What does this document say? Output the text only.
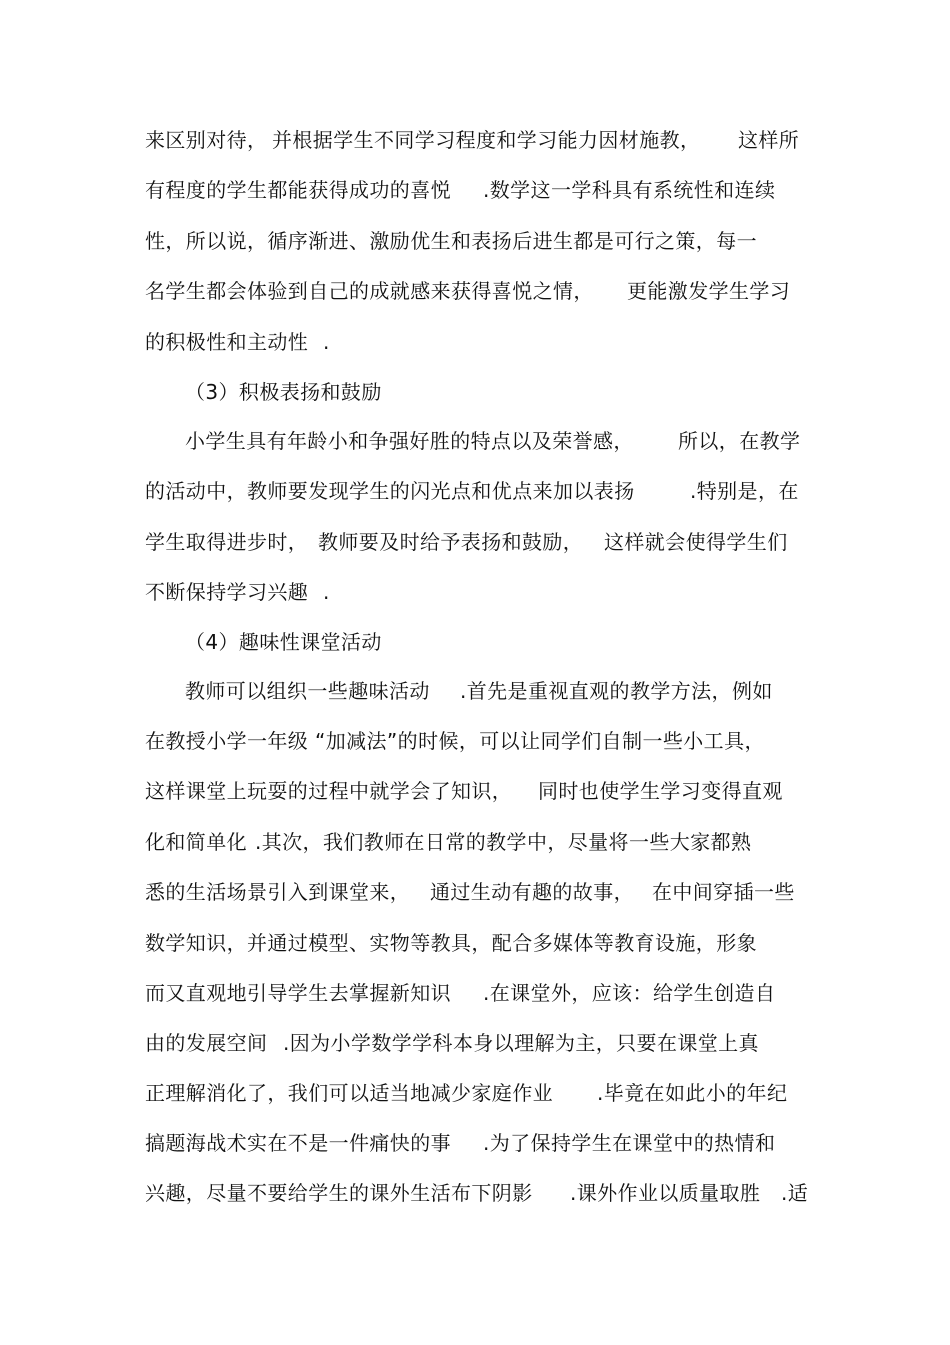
来区别对待， 并根据学生不同学习程度和学习能力因材施教， 这样所
有程度的学生都能获得成功的喜悦 .数学这一学科具有系统性和连续
性，所以说，循序渐进、激励优生和表扬后进生都是可行之策，每一
名学生都会体验到自己的成就感来获得喜悦之情， 更能激发学生学习
的积极性和主动性 .
（3）积极表扬和鼓励
小学生具有年龄小和争强好胜的特点以及荣誉感， 所以，在教学
的活动中，教师要发现学生的闪光点和优点来加以表扬	.特别是，在
学生取得进步时， 教师要及时给予表扬和鼓励， 这样就会使得学生们
不断保持学习兴趣 .
（4）趣味性课堂活动
教师可以组织一些趣味活动 .首先是重视直观的教学方法，例如
在教授小学一年级 “加减法”的时候，可以让同学们自制一些小工具，
这样课堂上玩耍的过程中就学会了知识， 同时也使学生学习变得直观
化和简单化 .其次，我们教师在日常的教学中，尽量将一些大家都熟
悉的生活场景引入到课堂来， 通过生动有趣的故事， 在中间穿插一些
数学知识，并通过模型、实物等教具，配合多媒体等教育设施，形象
而又直观地引导学生去掌握新知识 .在课堂外，应该：给学生创造自
由的发展空间 .因为小学数学学科本身以理解为主，只要在课堂上真
正理解消化了，我们可以适当地减少家庭作业 .毕竟在如此小的年纪
搞题海战术实在不是一件痛快的事 .为了保持学生在课堂中的热情和
兴趣，尽量不要给学生的课外生活布下阴影 .课外作业以质量取胜 .适
